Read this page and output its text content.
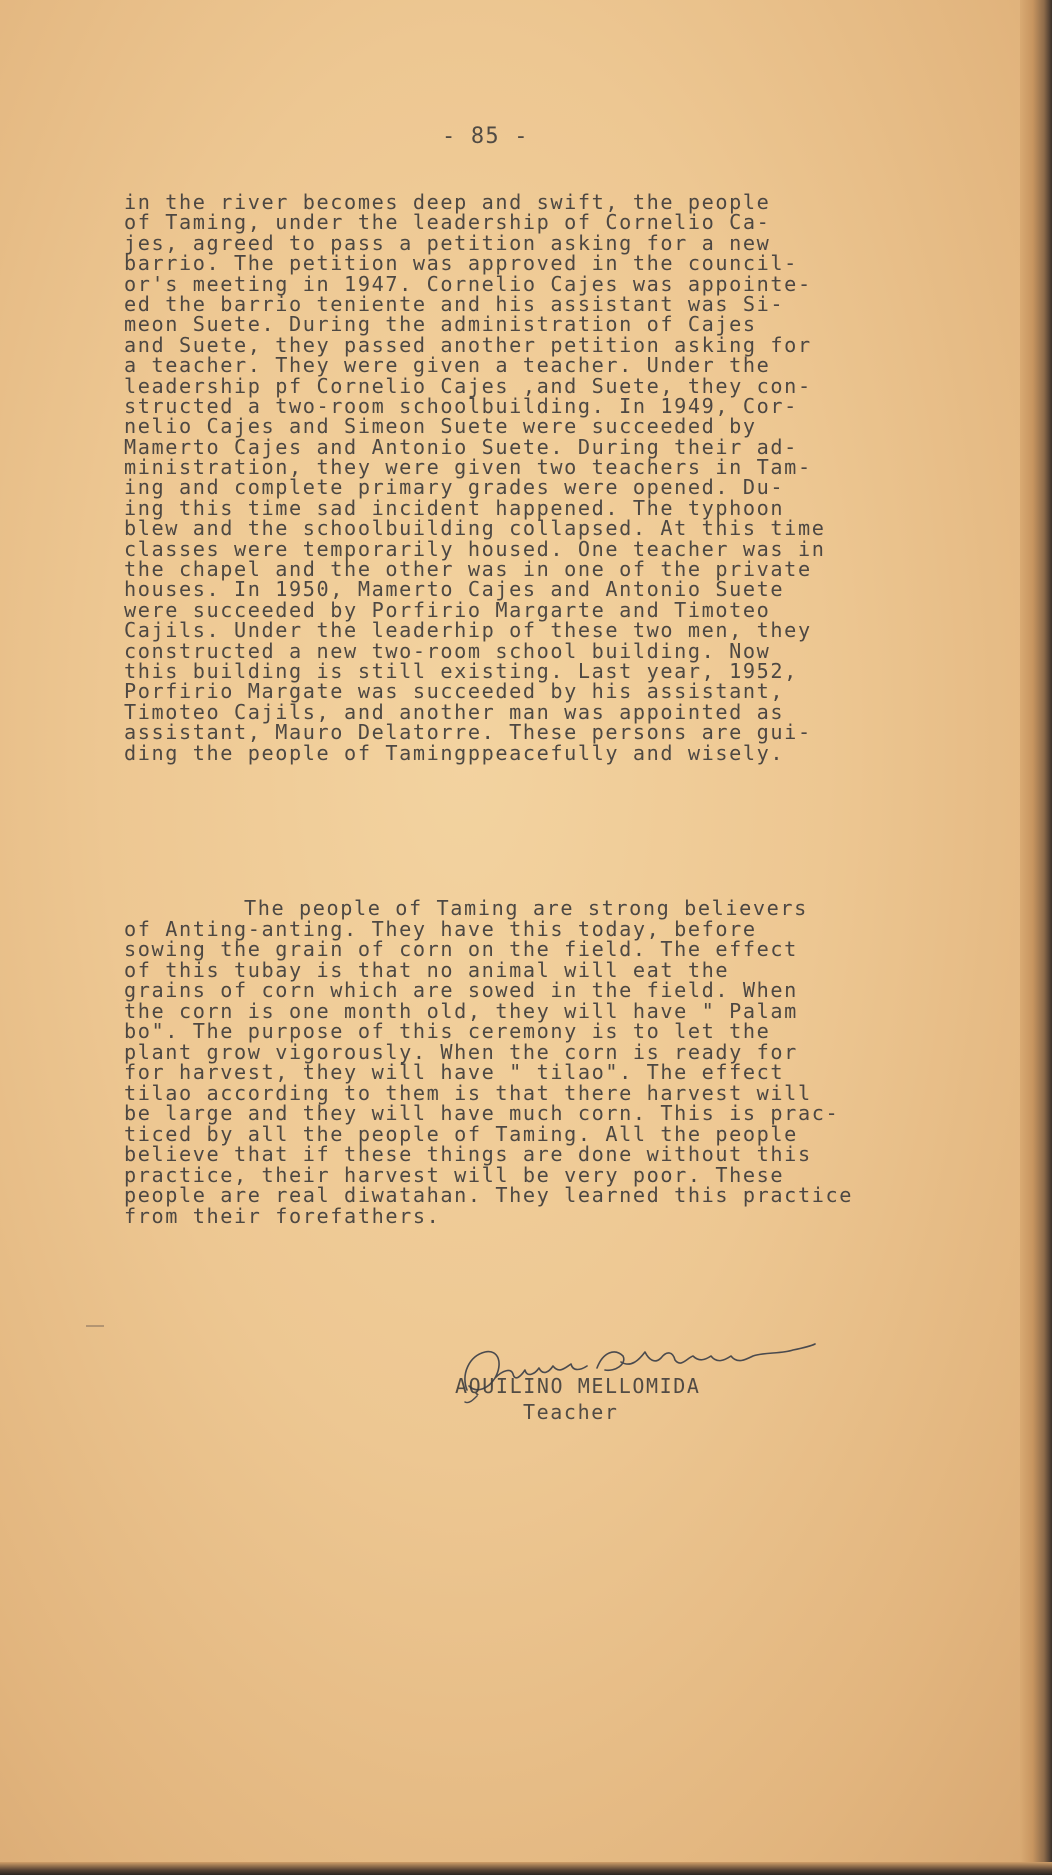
- 85 -

in the river becomes deep and swift, the people
of Taming, under the leadership of Cornelio Ca-
jes, agreed to pass a petition asking for a new
barrio. The petition was approved in the council-
or's meeting in 1947. Cornelio Cajes was appointe-
ed the barrio teniente and his assistant was Si-
meon Suete. During the administration of Cajes
and Suete, they passed another petition asking for
a teacher. They were given a teacher. Under the
leadership pf Cornelio Cajes ,and Suete, they con-
structed a two-room schoolbuilding. In 1949, Cor-
nelio Cajes and Simeon Suete were succeeded by
Mamerto Cajes and Antonio Suete. During their ad-
ministration, they were given two teachers in Tam-
ing and complete primary grades were opened. Du-
ing this time sad incident happened. The typhoon
blew and the schoolbuilding collapsed. At this time
classes were temporarily housed. One teacher was in
the chapel and the other was in one of the private
houses. In 1950, Mamerto Cajes and Antonio Suete
were succeeded by Porfirio Margarte and Timoteo
Cajils. Under the leaderhip of these two men, they
constructed a new two-room school building. Now
this building is still existing. Last year, 1952,
Porfirio Margate was succeeded by his assistant,
Timoteo Cajils, and another man was appointed as
assistant, Mauro Delatorre. These persons are gui-
ding the people of Tamingppeacefully and wisely.
The people of Taming are strong believers
of Anting-anting. They have this today, before
sowing the grain of corn on the field. The effect
of this tubay is that no animal will eat the
grains of corn which are sowed in the field. When
the corn is one month old, they will have " Palam
bo". The purpose of this ceremony is to let the
plant grow vigorously. When the corn is ready for
for harvest, they will have " tilao". The effect
tilao according to them is that there harvest will
be large and they will have much corn. This is prac-
ticed by all the people of Taming. All the people
believe that if these things are done without this
practice, their harvest will be very poor. These
people are real diwatahan. They learned this practice
from their forefathers.
AQUILINO MELLOMIDA
Teacher
